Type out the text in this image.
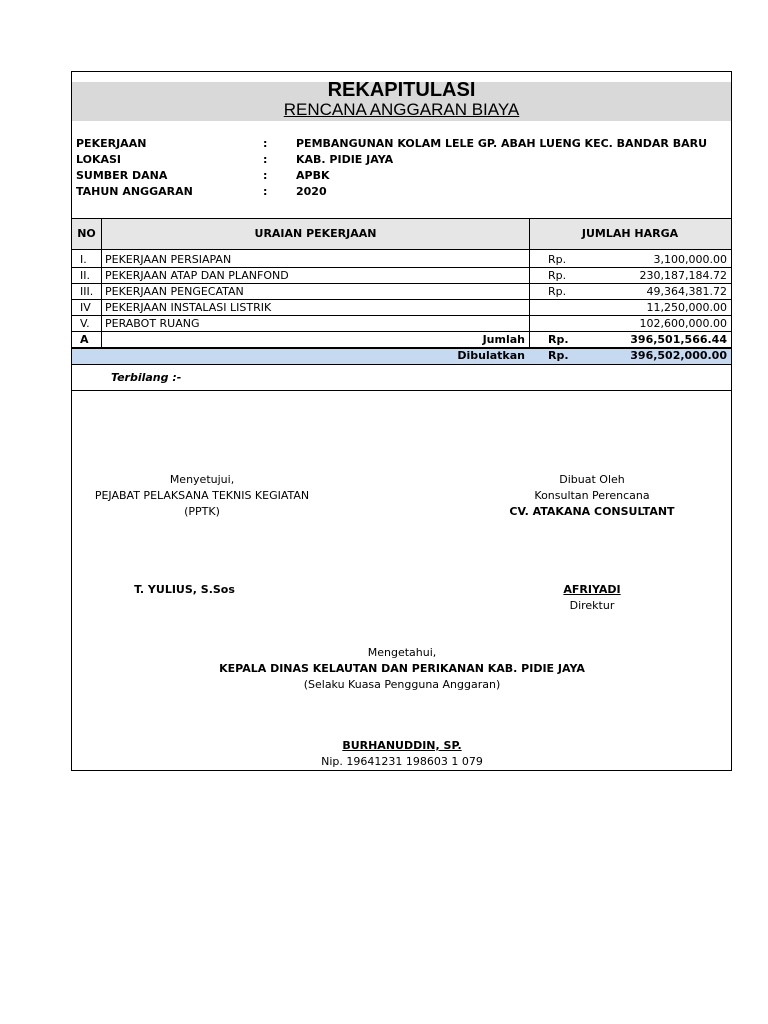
REKAPITULASI
RENCANA ANGGARAN BIAYA
PEKERJAAN	:	PEMBANGUNAN KOLAM LELE GP. ABAH LUENG KEC. BANDAR BARU
LOKASI	:	KAB. PIDIE JAYA
SUMBER DANA	:	APBK
TAHUN ANGGARAN	:	2020
NO	URAIAN PEKERJAAN	JUMLAH HARGA
I.	PEKERJAAN PERSIAPAN	Rp.	3,100,000.00
II.	PEKERJAAN ATAP DAN PLANFOND	Rp.	230,187,184.72
III.	PEKERJAAN PENGECATAN	Rp.	49,364,381.72
IV	PEKERJAAN INSTALASI LISTRIK	11,250,000.00
V.	PERABOT RUANG	102,600,000.00
A	Jumlah Rp.	396,501,566.44
Dibulatkan Rp.	396,502,000.00
Terbilang :-
Menyetujui,
PEJABAT PELAKSANA TEKNIS KEGIATAN
(PPTK)
T. YULIUS, S.Sos
Dibuat Oleh
Konsultan Perencana
CV. ATAKANA CONSULTANT
AFRIYADI
Direktur
Mengetahui,
KEPALA DINAS KELAUTAN DAN PERIKANAN KAB. PIDIE JAYA
(Selaku Kuasa Pengguna Anggaran)
BURHANUDDIN, SP.
Nip. 19641231 198603 1 079
